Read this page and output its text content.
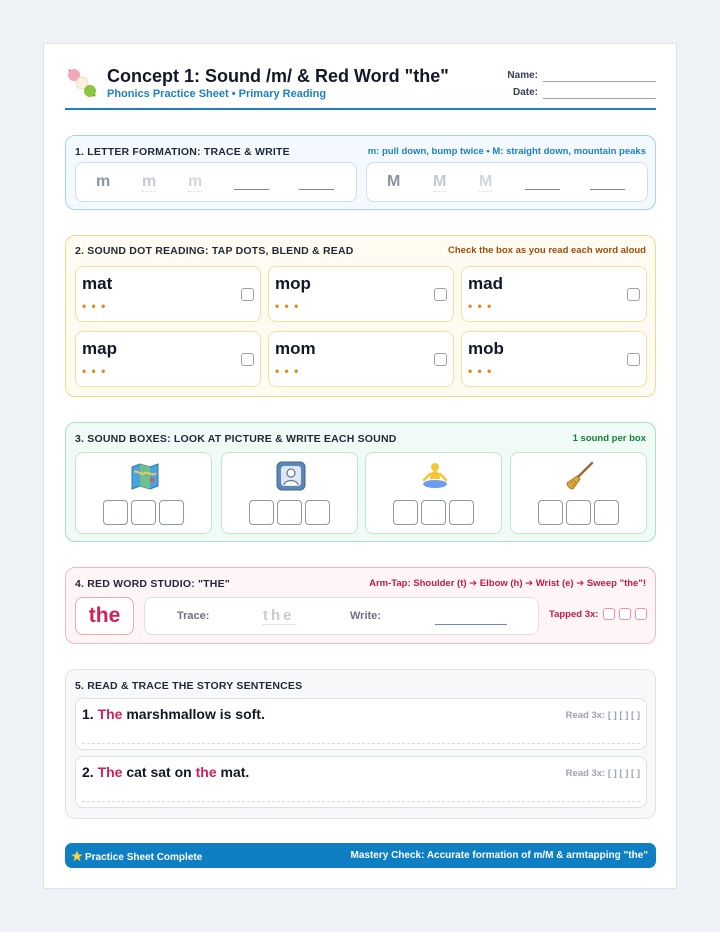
Concept 1: Sound /m/ & Red Word "the"
Phonics Practice Sheet • Primary Reading
Name:
Date:
1. LETTER FORMATION: TRACE & WRITE	m: pull down, bump twice • M: straight down, mountain peaks
m m m	M M M
2. SOUND DOT READING: TAP DOTS, BLEND & READ	Check the box as you read each word aloud
mat
• • •
mop
• • •
mad
• • •
map
• • •
mom
• • •
mob
• • •
3. SOUND BOXES: LOOK AT PICTURE & WRITE EACH SOUND	1 sound per box
4. RED WORD STUDIO: "THE"	Arm-Tap: Shoulder (t) ➔ Elbow (h) ➔ Wrist (e) ➔ Sweep "the"!
the	Trace:	the	Write:	Tapped 3x:
5. READ & TRACE THE STORY SENTENCES
1. The marshmallow is soft.	Read 3x: [ ] [ ] [ ]
2. The cat sat on the mat.	Read 3x: [ ] [ ] [ ]
Practice Sheet Complete	Mastery Check: Accurate formation of m/M & armtapping "the"
